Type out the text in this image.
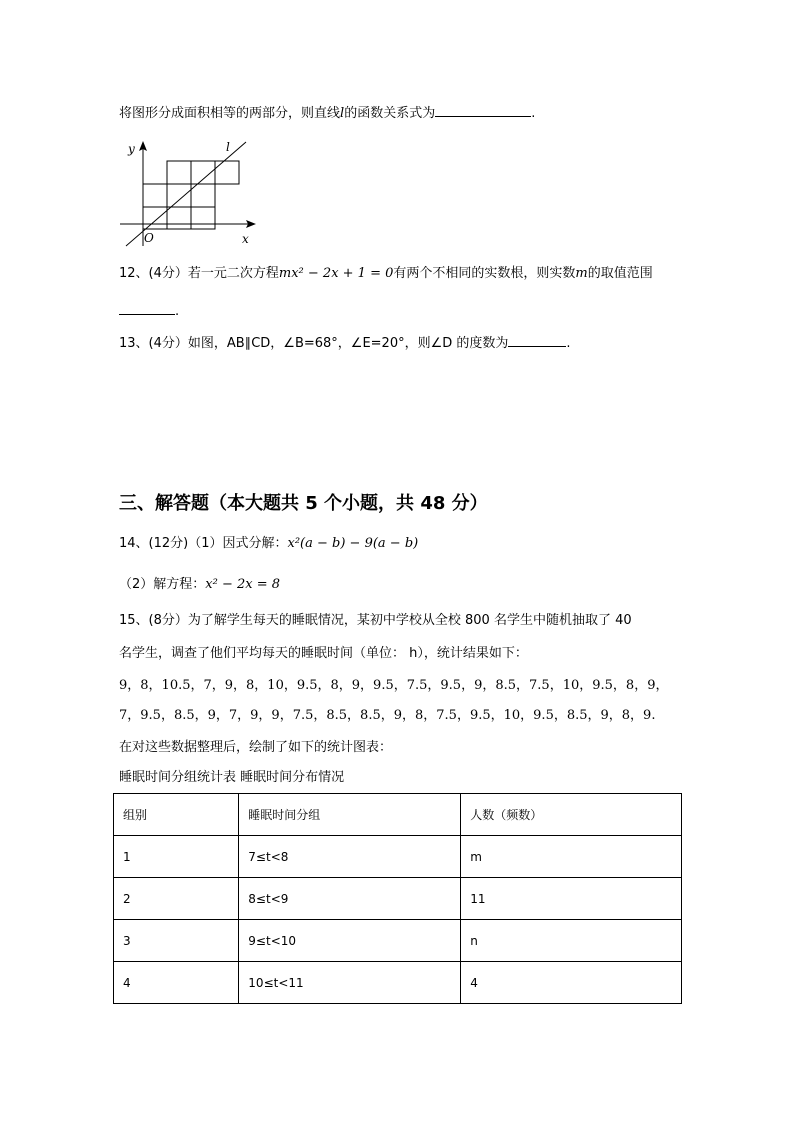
将图形分成面积相等的两部分，则直线l的函数关系式为	.
y
x
O
l
12、(4分）若一元二次方程mx² − 2x + 1 = 0有两个不相同的实数根，则实数m的取值范围
.
13、(4分）如图，AB∥CD，∠B=68°，∠E=20°，则∠D 的度数为	.
三、解答题（本大题共 5 个小题，共 48 分）
14、(12分)（1）因式分解：x²(a − b) − 9(a − b)
（2）解方程：x² − 2x = 8
15、(8分）为了解学生每天的睡眠情况，某初中学校从全校 800 名学生中随机抽取了 40
名学生，调查了他们平均每天的睡眠时间（单位： h），统计结果如下：
9，8，10.5，7，9，8，10，9.5，8，9，9.5，7.5，9.5，9，8.5，7.5，10，9.5，8，9，
7，9.5，8.5，9，7，9，9，7.5，8.5，8.5，9，8，7.5，9.5，10，9.5，8.5，9，8，9.
在对这些数据整理后，绘制了如下的统计图表：
睡眠时间分组统计表 睡眠时间分布情况
组别	睡眠时间分组	人数（频数）
1	7≤t<8	m
2	8≤t<9	11
3	9≤t<10	n
4	10≤t<11	4
